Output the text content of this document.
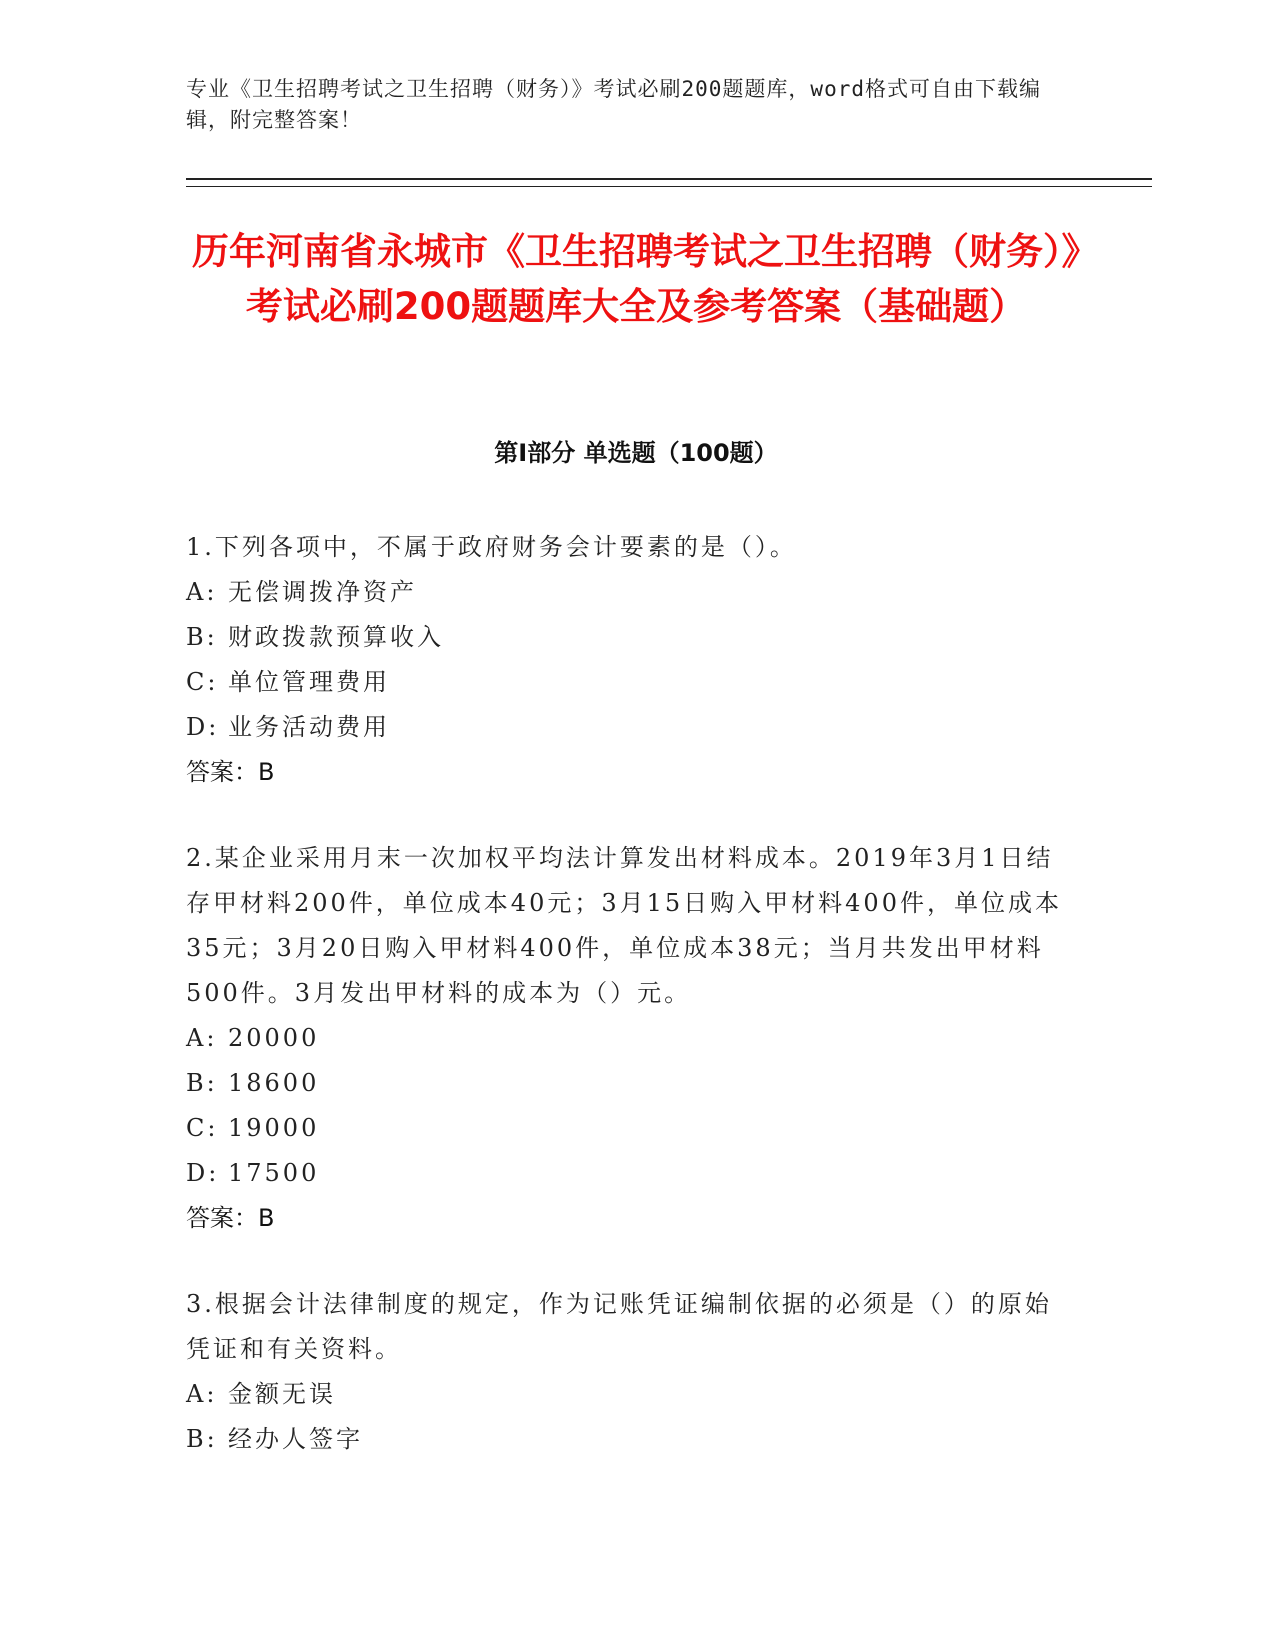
专业《卫生招聘考试之卫生招聘（财务）》考试必刷200题题库，word格式可自由下载编辑，附完整答案！
历年河南省永城市《卫生招聘考试之卫生招聘（财务）》考试必刷200题题库大全及参考答案（基础题）
第Ⅰ部分 单选题（100题）

1.下列各项中，不属于政府财务会计要素的是（）。

A: 无偿调拨净资产

B: 财政拨款预算收入

C: 单位管理费用

D: 业务活动费用

答案：B

2.某企业采用月末一次加权平均法计算发出材料成本。2019年3月1日结存甲材料200件，单位成本40元；3月15日购入甲材料400件，单位成本35元；3月20日购入甲材料400件，单位成本38元；当月共发出甲材料500件。3月发出甲材料的成本为（）元。

A: 20000

B: 18600

C: 19000

D: 17500

答案：B

3.根据会计法律制度的规定，作为记账凭证编制依据的必须是（）的原始凭证和有关资料。

A: 金额无误

B: 经办人签字
